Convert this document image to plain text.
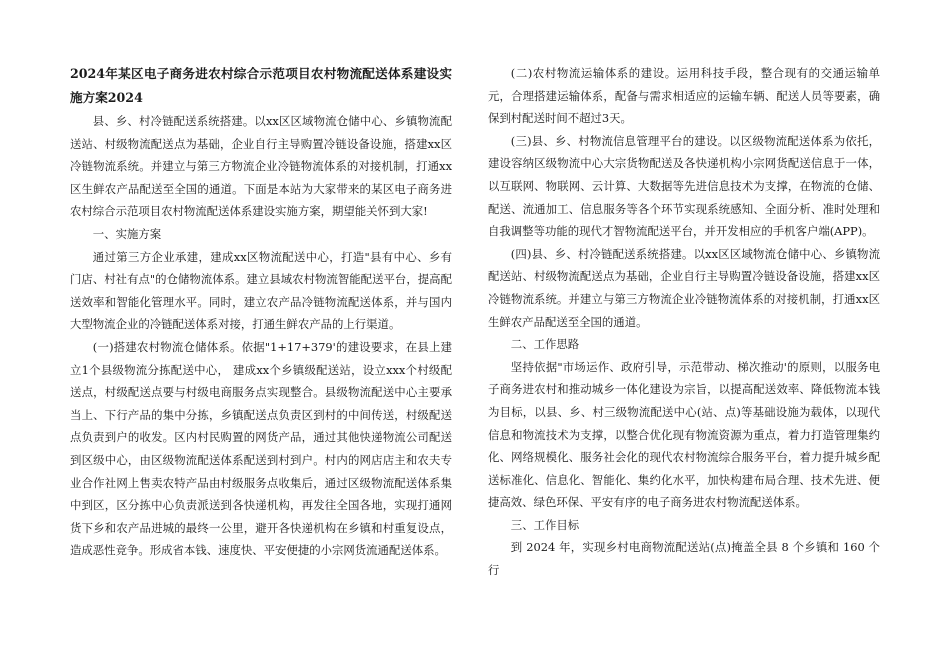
2024年某区电子商务进农村综合示范项目农村物流配送体系建设实施方案2024

县、乡、村冷链配送系统搭建。以xx区区域物流仓储中心、乡镇物流配送站、村级物流配送点为基础，企业自行主导购置冷链设备设施，搭建xx区冷链物流系统。并建立与第三方物流企业冷链物流体系的对接机制，打通xx区生鲜农产品配送至全国的通道。下面是本站为大家带来的某区电子商务进农村综合示范项目农村物流配送体系建设实施方案，期望能关怀到大家!

一、实施方案

通过第三方企业承建，建成xx区物流配送中心，打造"县有中心、乡有门店、村社有点"的仓储物流体系。建立县域农村物流智能配送平台，提高配送效率和智能化管理水平。同时，建立农产品冷链物流配送体系，并与国内大型物流企业的冷链配送体系对接，打通生鲜农产品的上行渠道。

(一)搭建农村物流仓储体系。依据"1+17+379'的建设要求，在县上建立1个县级物流分拣配送中心， 建成xx个乡镇级配送站，设立xxx个村级配送点，村级配送点要与村级电商服务点实现整合。县级物流配送中心主要承当上、下行产品的集中分拣，乡镇配送点负责区到村的中间传送，村级配送点负责到户的收发。区内村民购置的网货产品，通过其他快递物流公司配送到区级中心，由区级物流配送体系配送到村到户。村内的网店店主和农夫专业合作社网上售卖农特产品由村级服务点收集后，通过区级物流配送体系集中到区，区分拣中心负责派送到各快递机构，再发往全国各地，实现打通网货下乡和农产品进城的最终一公里，避开各快递机构在乡镇和村重复设点，造成恶性竞争。形成省本钱、速度快、平安便捷的小宗网货流通配送体系。

(二)农村物流运输体系的建设。运用科技手段，整合现有的交通运输单元，合理搭建运输体系，配备与需求相适应的运输车辆、配送人员等要素，确保到村配送时间不超过3天。

(三)县、乡、村物流信息管理平台的建设。以区级物流配送体系为依托，建设容纳区级物流中心大宗货物配送及各快递机构小宗网货配送信息于一体，以互联网、物联网、云计算、大数据等先进信息技术为支撑，在物流的仓储、配送、流通加工、信息服务等各个环节实现系统感知、全面分析、准时处理和自我调整等功能的现代才智物流配送平台，并开发相应的手机客户端(APP)。

(四)县、乡、村冷链配送系统搭建。以xx区区域物流仓储中心、乡镇物流配送站、村级物流配送点为基础，企业自行主导购置冷链设备设施，搭建xx区冷链物流系统。并建立与第三方物流企业冷链物流体系的对接机制，打通xx区生鲜农产品配送至全国的通道。

二、工作思路

坚持依据"市场运作、政府引导，示范带动、梯次推动'的原则，以服务电子商务进农村和推动城乡一体化建设为宗旨，以提高配送效率、降低物流本钱为目标，以县、乡、村三级物流配送中心(站、点)等基础设施为载体，以现代信息和物流技术为支撑，以整合优化现有物流资源为重点，着力打造管理集约化、网络规模化、服务社会化的现代农村物流综合服务平台，着力提升城乡配送标准化、信息化、智能化、集约化水平，加快构建布局合理、技术先进、便捷高效、绿色环保、平安有序的电子商务进农村物流配送体系。

三、工作目标

到 2024 年，实现乡村电商物流配送站(点)掩盖全县 8 个乡镇和 160 个行
